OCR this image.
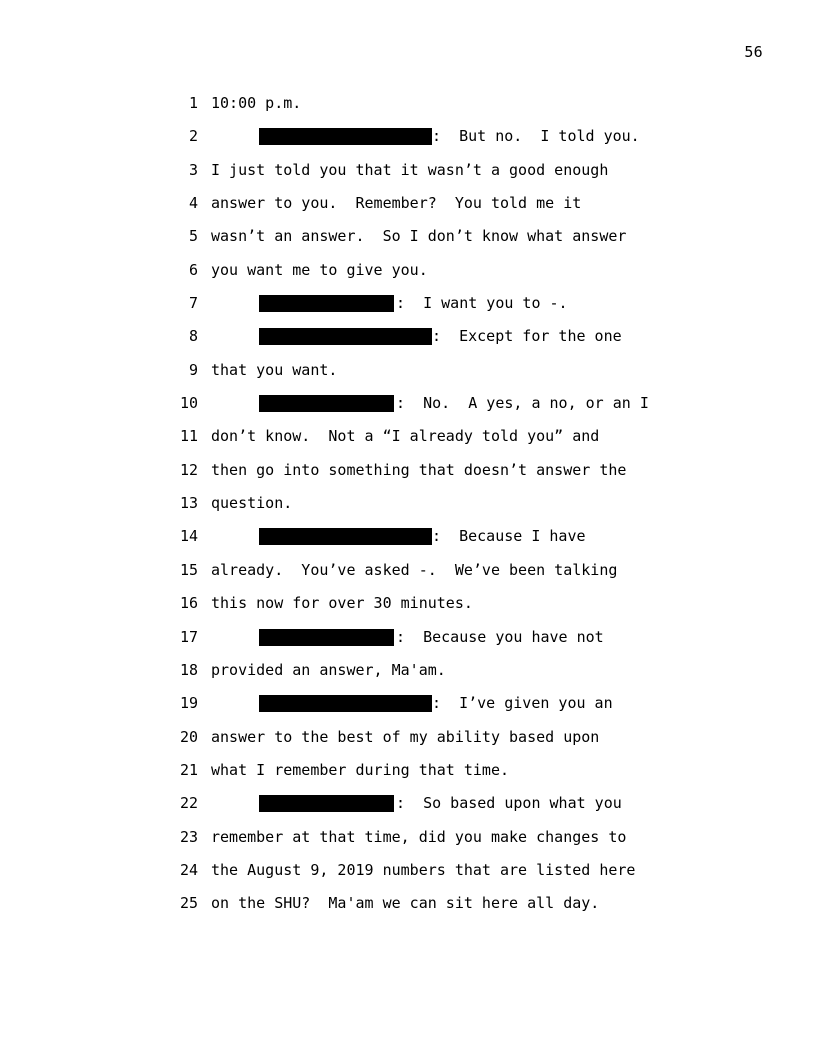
56
1 10:00 p.m.
2	:  But no.  I told you.
3 I just told you that it wasn’t a good enough
4 answer to you.  Remember?  You told me it
5 wasn’t an answer.  So I don’t know what answer
6 you want me to give you.
7	:  I want you to -.
8	:  Except for the one
9 that you want.
10	:  No.  A yes, a no, or an I
11 don’t know.  Not a “I already told you” and
12 then go into something that doesn’t answer the
13 question.
14	:  Because I have
15 already.  You’ve asked -.  We’ve been talking
16 this now for over 30 minutes.
17	:  Because you have not
18 provided an answer, Ma'am.
19	:  I’ve given you an
20 answer to the best of my ability based upon
21 what I remember during that time.
22	:  So based upon what you
23 remember at that time, did you make changes to
24 the August 9, 2019 numbers that are listed here
25 on the SHU?  Ma'am we can sit here all day.
